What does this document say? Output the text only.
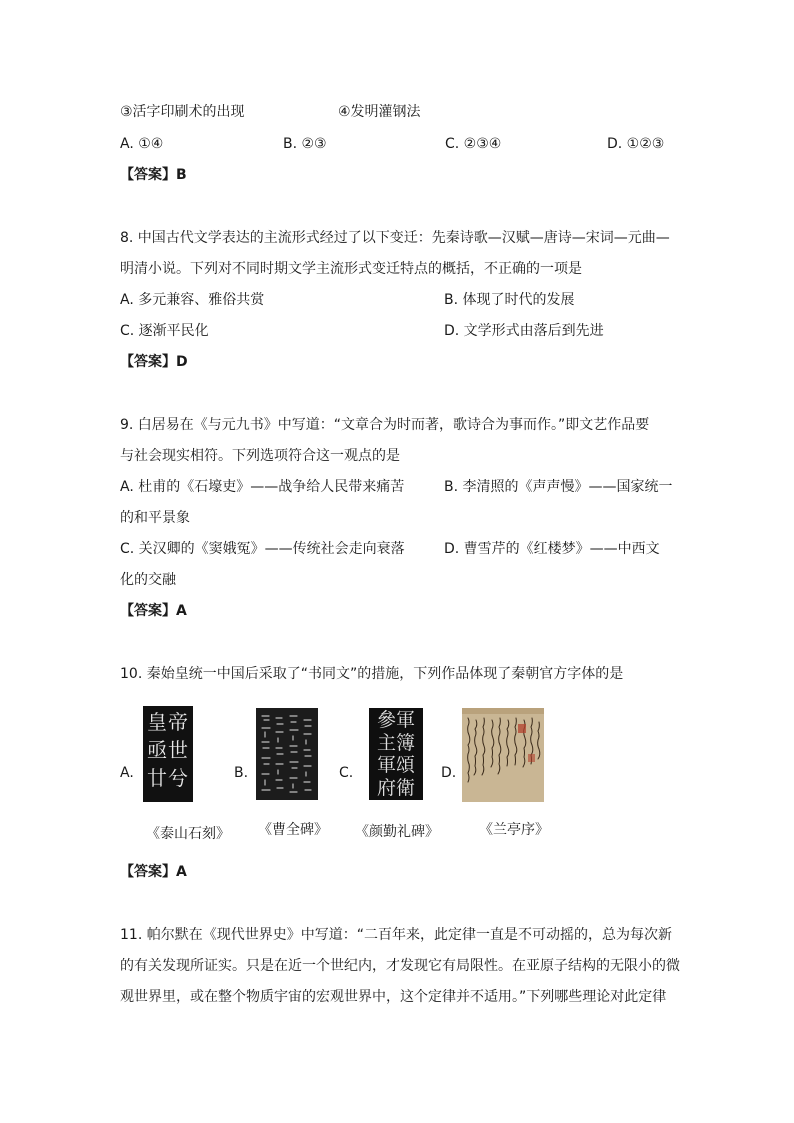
③活字印刷术的出现	④发明灌钢法
A. ①④	B. ②③	C. ②③④	D. ①②③
【答案】B
8. 中国古代文学表达的主流形式经过了以下变迁：先秦诗歌—汉赋—唐诗—宋词—元曲—
明清小说。下列对不同时期文学主流形式变迁特点的概括，不正确的一项是
A. 多元兼容、雅俗共赏	B. 体现了时代的发展
C. 逐渐平民化	D. 文学形式由落后到先进
【答案】D
9. 白居易在《与元九书》中写道：“文章合为时而著，歌诗合为事而作。”即文艺作品要
与社会现实相符。下列选项符合这一观点的是
A. 杜甫的《石壕吏》——战争给人民带来痛苦	B. 李清照的《声声慢》——国家统一
的和平景象
C. 关汉卿的《窦娥冤》——传统社会走向衰落	D. 曹雪芹的《红楼梦》——中西文
化的交融
【答案】A
10. 秦始皇统一中国后采取了“书同文”的措施，下列作品体现了秦朝官方字体的是
A.
皇帝
亟世
廿兮	B.	C.
參軍
主簿
軍頌
府衛
D.
《泰山石刻》 《曹全碑》 《颜勤礼碑》	《兰亭序》
【答案】A
11. 帕尔默在《现代世界史》中写道：“二百年来，此定律一直是不可动摇的，总为每次新
的有关发现所证实。只是在近一个世纪内，才发现它有局限性。在亚原子结构的无限小的微
观世界里，或在整个物质宇宙的宏观世界中，这个定律并不适用。”下列哪些理论对此定律
